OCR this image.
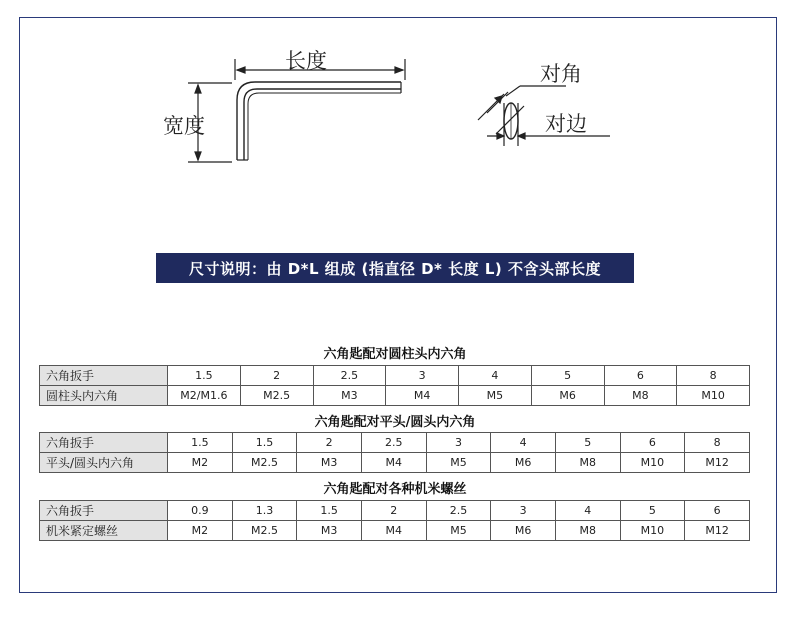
长度
宽度
对角
对边
尺寸说明：由 D*L 组成 (指直径 D* 长度 L) 不含头部长度
六角匙配对圆柱头内六角
六角扳手	1.5	2	2.5	3	4	5	6	8
圆柱头内六角	M2/M1.6	M2.5	M3	M4	M5	M6	M8	M10
六角匙配对平头/圆头内六角
六角扳手	1.5	1.5	2	2.5	3	4	5	6	8
平头/圆头内六角	M2	M2.5	M3	M4	M5	M6	M8	M10	M12
六角匙配对各种机米螺丝
六角扳手	0.9	1.3	1.5	2	2.5	3	4	5	6
机米紧定螺丝	M2	M2.5	M3	M4	M5	M6	M8	M10	M12
